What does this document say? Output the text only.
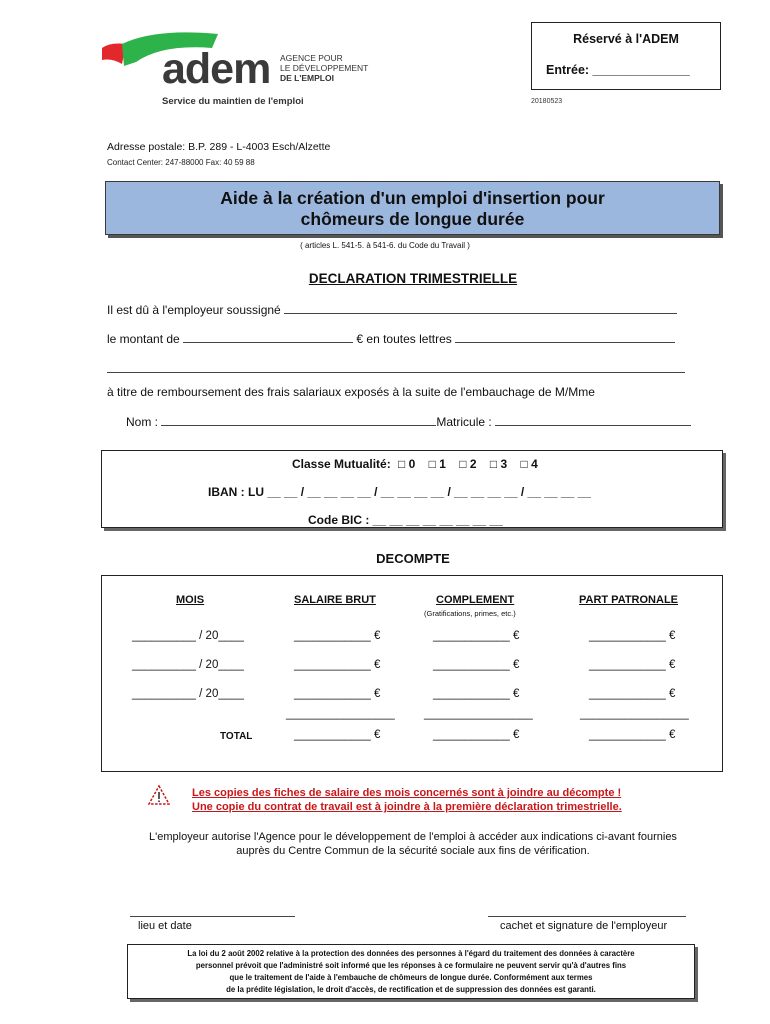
Réservé à l'ADEM
Entrée: ______________
20180523
adem AGENCE POUR
LE DÉVELOPPEMENT
DE L'EMPLOI
Service du maintien de l'emploi
Adresse postale: B.P. 289 - L-4003 Esch/Alzette
Contact Center: 247-88000 Fax: 40 59 88
Aide à la création d'un emploi d'insertion pour
chômeurs de longue durée
( articles L. 541-5. à 541-6. du Code du Travail )
DECLARATION TRIMESTRIELLE
Il est dû à l'employeur soussigné
le montant de	€ en toutes lettres
à titre de remboursement des frais salariaux exposés à la suite de l'embauchage de M/Mme
Nom :	Matricule :
Classe Mutualité: □ 0 □ 1 □ 2 □ 3 □ 4
IBAN : LU __ __ / __ __ __ __ / __ __ __ __ / __ __ __ __ / __ __ __ __
Code BIC : __ __ __ __ __ __ __ __
DECOMPTE
MOIS	SALAIRE BRUT	COMPLEMENT	PART PATRONALE
(Gratifications, primes, etc.)
__________ / 20____	____________ €	____________ €	____________ €
__________ / 20____	____________ €	____________ €	____________ €
__________ / 20____	____________ €	____________ €	____________ €
_________________	_________________	_________________
TOTAL	____________ €	____________ €	____________ €
Les copies des fiches de salaire des mois concernés sont à joindre au décompte !
Une copie du contrat de travail est à joindre à la première déclaration trimestrielle.
L'employeur autorise l'Agence pour le développement de l'emploi à accéder aux indications ci-avant fournies
auprès du Centre Commun de la sécurité sociale aux fins de vérification.
lieu et date	cachet et signature de l'employeur
La loi du 2 août 2002 relative à la protection des données des personnes à l'égard du traitement des données à caractère
personnel prévoit que l'administré soit informé que les réponses à ce formulaire ne peuvent servir qu'à d'autres fins
que le traitement de l'aide à l'embauche de chômeurs de longue durée. Conformément aux termes
de la prédite législation, le droit d'accès, de rectification et de suppression des données est garanti.
